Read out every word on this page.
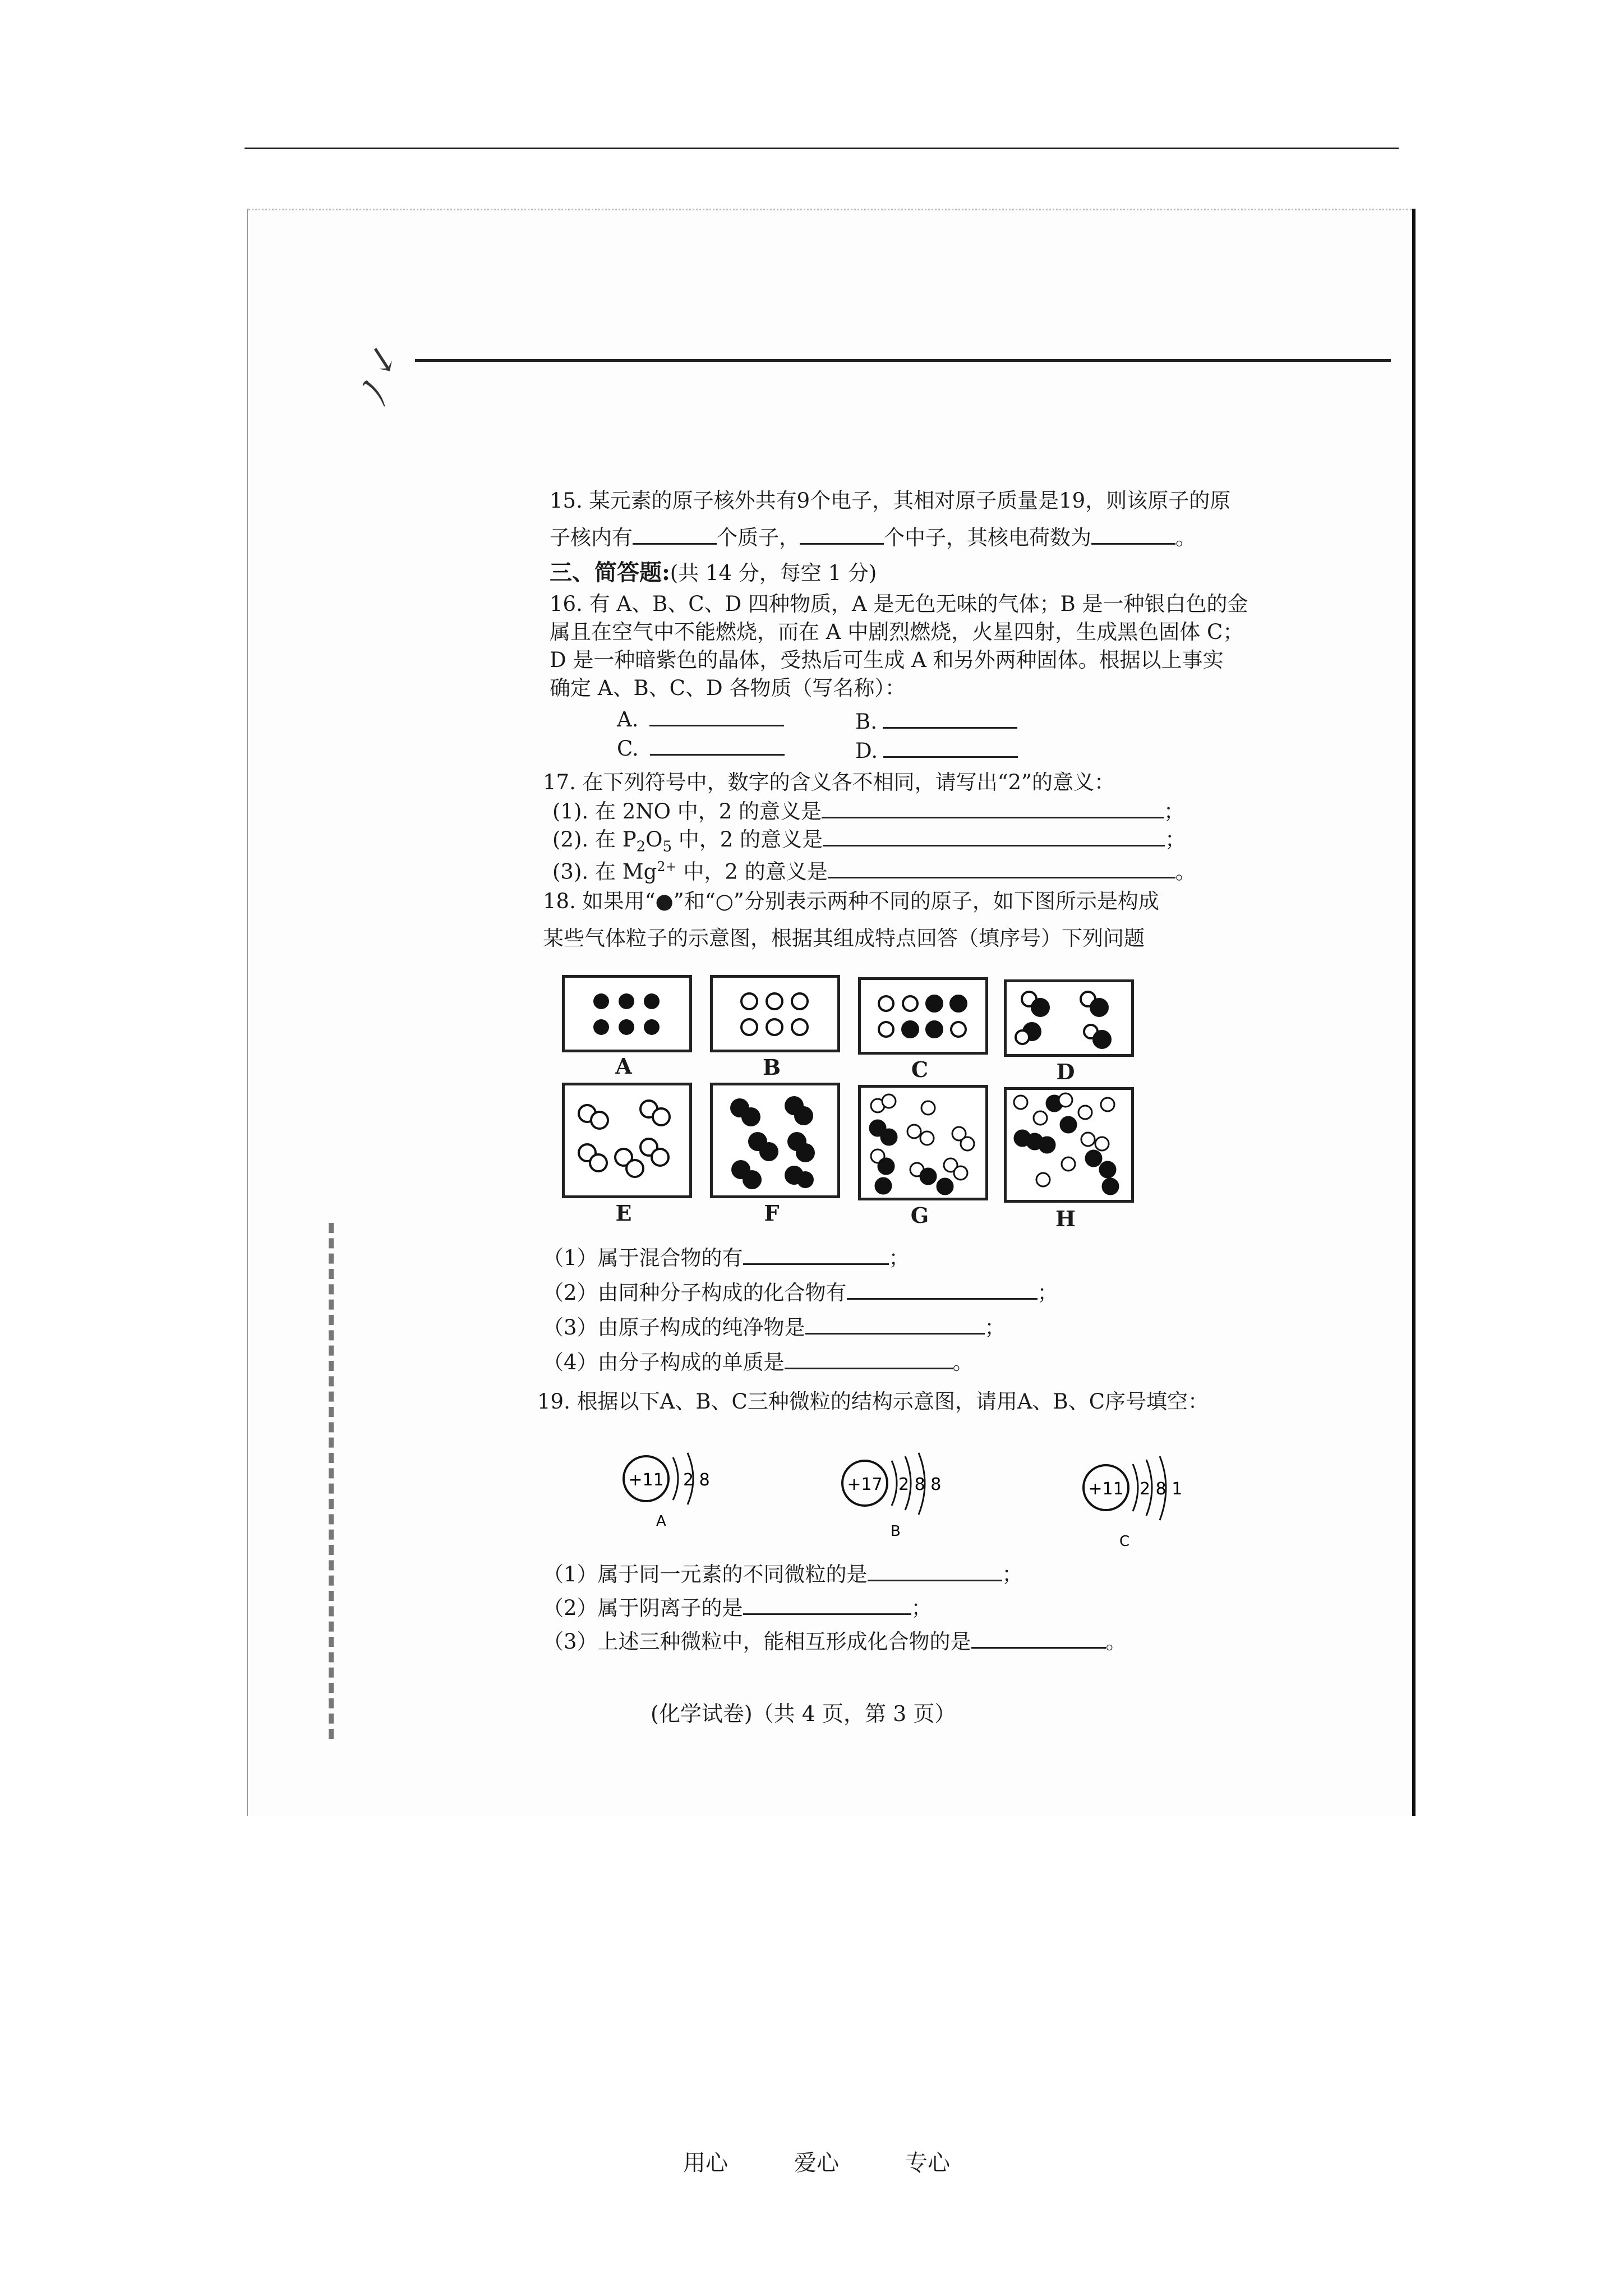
ノ↙
15. 某元素的原子核外共有9个电子，其相对原子质量是19，则该原子的原
子核内有	个质子，	个中子，其核电荷数为	。
三、简答题:(共 14 分，每空 1 分)
16. 有 A、B、C、D 四种物质，A 是无色无味的气体；B 是一种银白色的金
属且在空气中不能燃烧，而在 A 中剧烈燃烧，火星四射，生成黑色固体 C；
D 是一种暗紫色的晶体，受热后可生成 A 和另外两种固体。根据以上事实
确定 A、B、C、D 各物质（写名称）：
A.	B.
C.	D.
17. 在下列符号中，数字的含义各不相同，请写出“2”的意义：
(1). 在 2NO 中，2 的意义是	；
(2). 在 $P_2O_5$ 中，2 的意义是	；
(3). 在 $Mg^{2+}$ 中，2 的意义是	。
18. 如果用“●”和“○”分别表示两种不同的原子，如下图所示是构成
某些气体粒子的示意图，根据其组成特点回答（填序号）下列问题
A	B	C	D
E	F	G	H
（1）属于混合物的有	；
（2）由同种分子构成的化合物有	；
（3）由原子构成的纯净物是	；
（4）由分子构成的单质是	。
19. 根据以下A、B、C三种微粒的结构示意图，请用A、B、C序号填空：
+11 2 8
A
+17 2 8 8
B
+11 2 8 1
C
（1）属于同一元素的不同微粒的是	；
（2）属于阴离子的是	；
（3）上述三种微粒中，能相互形成化合物的是	。
(化学试卷)（共 4 页，第 3 页）
用心	爱心	专心
